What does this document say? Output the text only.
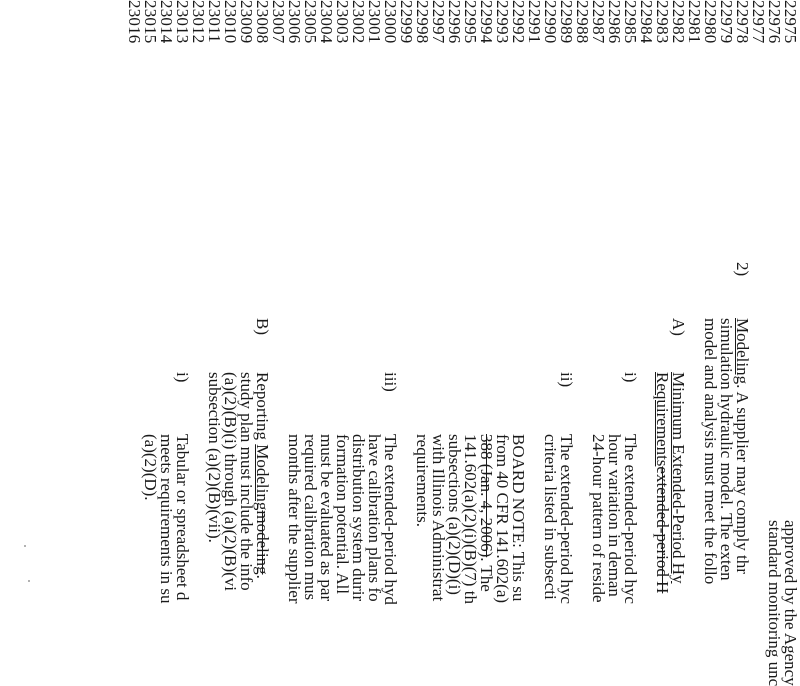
22975
22976
22977
22978
22979
22980
22981
22982
22983
22984
22985
22986
22987
22988
22989
22990
22991
22992
22993
22994
22995
22996
22997
22998
22999
23000
23001
23002
23003
23004
23005
23006
23007
23008
23009
23010
23011
23012
23013
23014
23015
23016
approved by the Agency
standard monitoring unc
2)
Modeling. A supplier may comply thr
simulation hydraulic model. The exten
model and analysis must meet the follo
A)
Minimum Extended-Period Hy
Requirementsextended-period H
i)
The extended-period hyc
hour variation in deman
24-hour pattern of reside
ii)
The extended-period hyc
criteria listed in subsecti
BOARD NOTE: This su
from 40 CFR 141.602(a)
388 (Jan. 4, 2006). The
141.602(a)(2)(i)(B)(7) th
subsections (a)(2)(D)(i)
with Illinois Administrat
requirements.
iii)
The extended-period hyd
have calibration plans fo
distribution system durir
formation potential. All
must be evaluated as par
required calibration mus
months after the supplier
B)
Reporting Modelingmodeling.
study plan must include the info
(a)(2)(B)(i) through (a)(2)(B)(vi
subsection (a)(2)(B)(vii).
i)
Tabular or spreadsheet d
meets requirements in su
(a)(2)(D).
